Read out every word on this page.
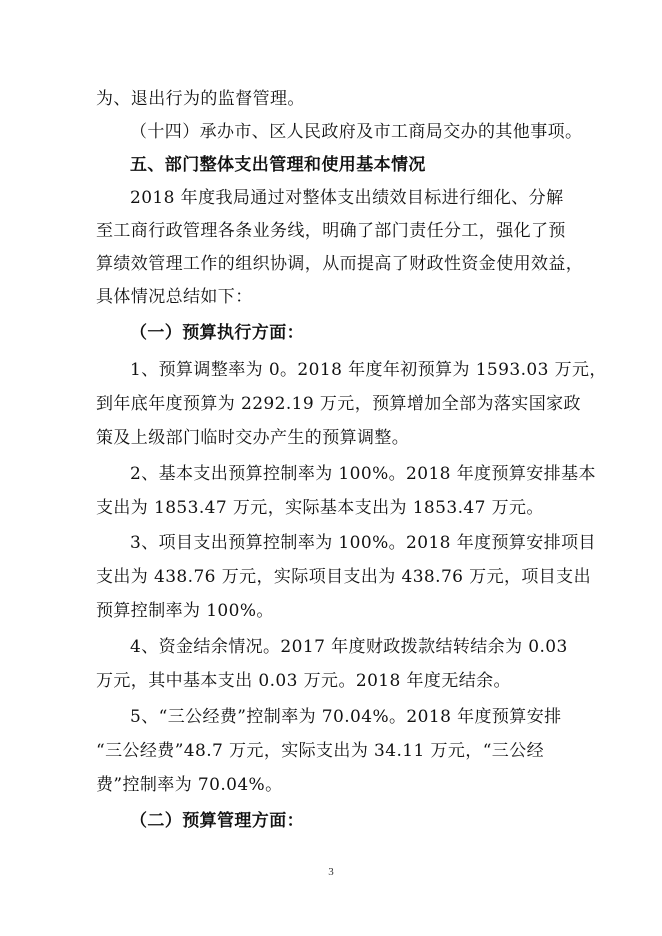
为、退出行为的监督管理。
（十四）承办市、区人民政府及市工商局交办的其他事项。
五、部门整体支出管理和使用基本情况
2018 年度我局通过对整体支出绩效目标进行细化、分解
至工商行政管理各条业务线，明确了部门责任分工，强化了预
算绩效管理工作的组织协调，从而提高了财政性资金使用效益，
具体情况总结如下：
（一）预算执行方面：
1、预算调整率为 0。2018 年度年初预算为 1593.03 万元，
到年底年度预算为 2292.19 万元，预算增加全部为落实国家政
策及上级部门临时交办产生的预算调整。
2、基本支出预算控制率为 100%。2018 年度预算安排基本
支出为 1853.47 万元，实际基本支出为 1853.47 万元。
3、项目支出预算控制率为 100%。2018 年度预算安排项目
支出为 438.76 万元，实际项目支出为 438.76 万元，项目支出
预算控制率为 100%。
4、资金结余情况。2017 年度财政拨款结转结余为 0.03
万元，其中基本支出 0.03 万元。2018 年度无结余。
5、“三公经费”控制率为 70.04%。2018 年度预算安排
“三公经费”48.7 万元，实际支出为 34.11 万元，“三公经
费”控制率为 70.04%。
（二）预算管理方面：
3
